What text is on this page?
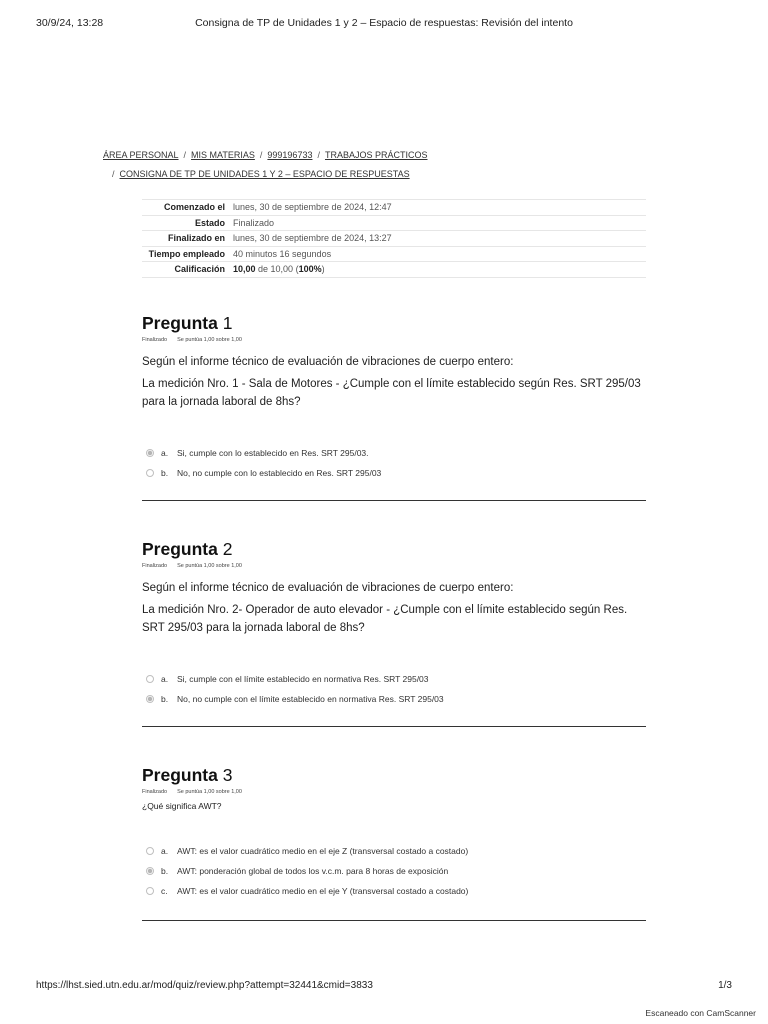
30/9/24, 13:28	Consigna de TP de Unidades 1 y 2 – Espacio de respuestas: Revisión del intento
ÁREA PERSONAL / MIS MATERIAS / 999196733 / TRABAJOS PRÁCTICOS
/ CONSIGNA DE TP DE UNIDADES 1 Y 2 – ESPACIO DE RESPUESTAS
Comenzado el	lunes, 30 de septiembre de 2024, 12:47
Estado	Finalizado
Finalizado en	lunes, 30 de septiembre de 2024, 13:27
Tiempo empleado	40 minutos 16 segundos
Calificación	10,00 de 10,00 (100%)
Pregunta 1
Finalizado Se puntúa 1,00 sobre 1,00

Según el informe técnico de evaluación de vibraciones de cuerpo entero:

La medición Nro. 1 - Sala de Motores - ¿Cumple con el límite establecido según Res. SRT 295/03 para la jornada laboral de 8hs?

a.	Si, cumple con lo establecido en Res. SRT 295/03.
b.	No, no cumple con lo establecido en Res. SRT 295/03
Pregunta 2
Finalizado Se puntúa 1,00 sobre 1,00

Según el informe técnico de evaluación de vibraciones de cuerpo entero:

La medición Nro. 2- Operador de auto elevador - ¿Cumple con el límite establecido según Res. SRT 295/03 para la jornada laboral de 8hs?

a.	Si, cumple con el límite establecido en normativa Res. SRT 295/03
b.	No, no cumple con el límite establecido en normativa Res. SRT 295/03
Pregunta 3
Finalizado Se puntúa 1,00 sobre 1,00

¿Qué significa AWT?

a.	AWT: es el valor cuadrático medio en el eje Z (transversal costado a costado)
b.	AWT: ponderación global de todos los v.c.m. para 8 horas de exposición
c.	AWT: es el valor cuadrático medio en el eje Y (transversal costado a costado)
https://lhst.sied.utn.edu.ar/mod/quiz/review.php?attempt=32441&cmid=3833	1/3
Escaneado con CamScanner
